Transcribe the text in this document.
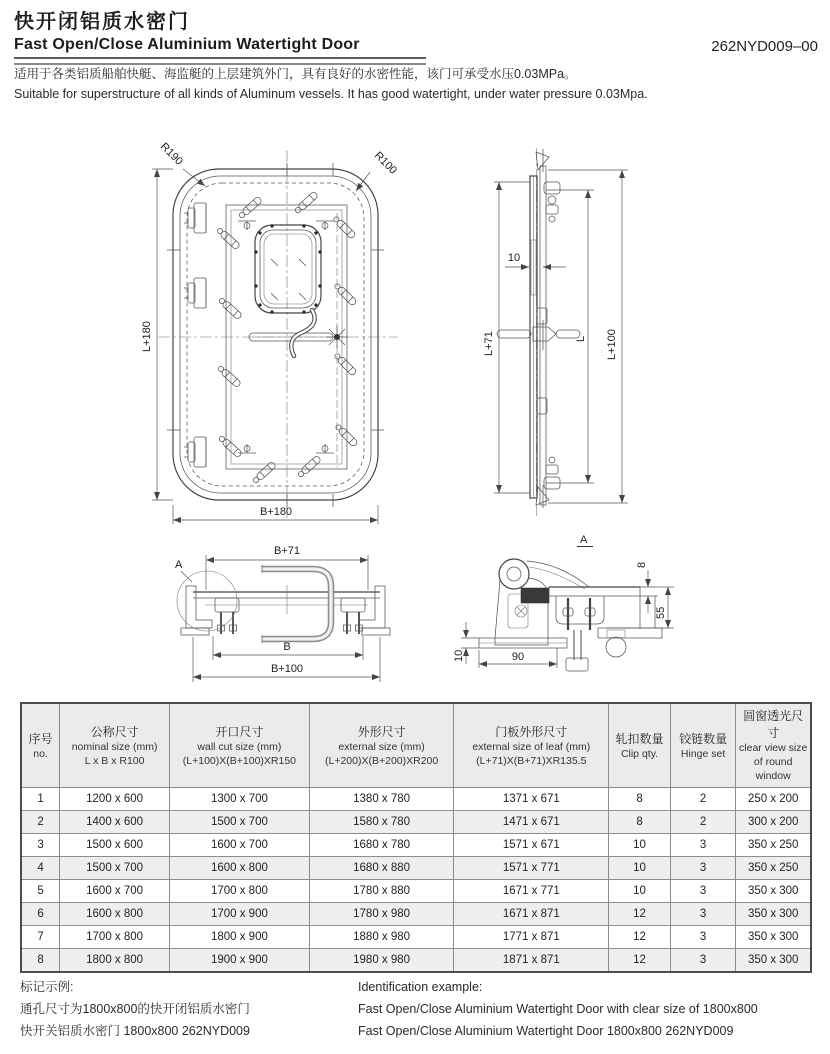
快开闭铝质水密门
Fast Open/Close Aluminium Watertight Door	262NYD009–00
适用于各类铝质船舶快艇、海监艇的上层建筑外门，具有良好的水密性能，该门可承受水压0.03MPa。
Suitable for superstructure of all kinds of Aluminum vessels. It has good watertight, under water pressure 0.03Mpa.
L+180
B+180
R190	R100
L+71
10
L L+100
A
B+71
B
B+100
A
8
55
10	90
序号
no.

公称尺寸
nominal size (mm)
L x B x R100

开口尺寸
wall cut size (mm)
(L+100)X(B+100)XR150

外形尺寸
external size (mm)
(L+200)X(B+200)XR200

门板外形尺寸
external size of leaf (mm)
(L+71)X(B+71)XR135.5

轧扣数量
Clip qty.

铰链数量
Hinge set

圆窗透光尺寸
clear view size of round window

1	1200 x 600	1300 x 700	1380 x 780	1371 x 671	8	2	250 x 200
2	1400 x 600	1500 x 700	1580 x 780	1471 x 671	8	2	300 x 200
3	1500 x 600	1600 x 700	1680 x 780	1571 x 671	10	3	350 x 250
4	1500 x 700	1600 x 800	1680 x 880	1571 x 771	10	3	350 x 250
5	1600 x 700	1700 x 800	1780 x 880	1671 x 771	10	3	350 x 300
6	1600 x 800	1700 x 900	1780 x 980	1671 x 871	12	3	350 x 300
7	1700 x 800	1800 x 900	1880 x 980	1771 x 871	12	3	350 x 300
8	1800 x 800	1900 x 900	1980 x 980	1871 x 871	12	3	350 x 300
标记示例:
通孔尺寸为1800x800的快开闭铝质水密门
快开关铝质水密门 1800x800 262NYD009
Identification example:
Fast Open/Close Aluminium Watertight Door with clear size of 1800x800
Fast Open/Close Aluminium Watertight Door 1800x800 262NYD009
